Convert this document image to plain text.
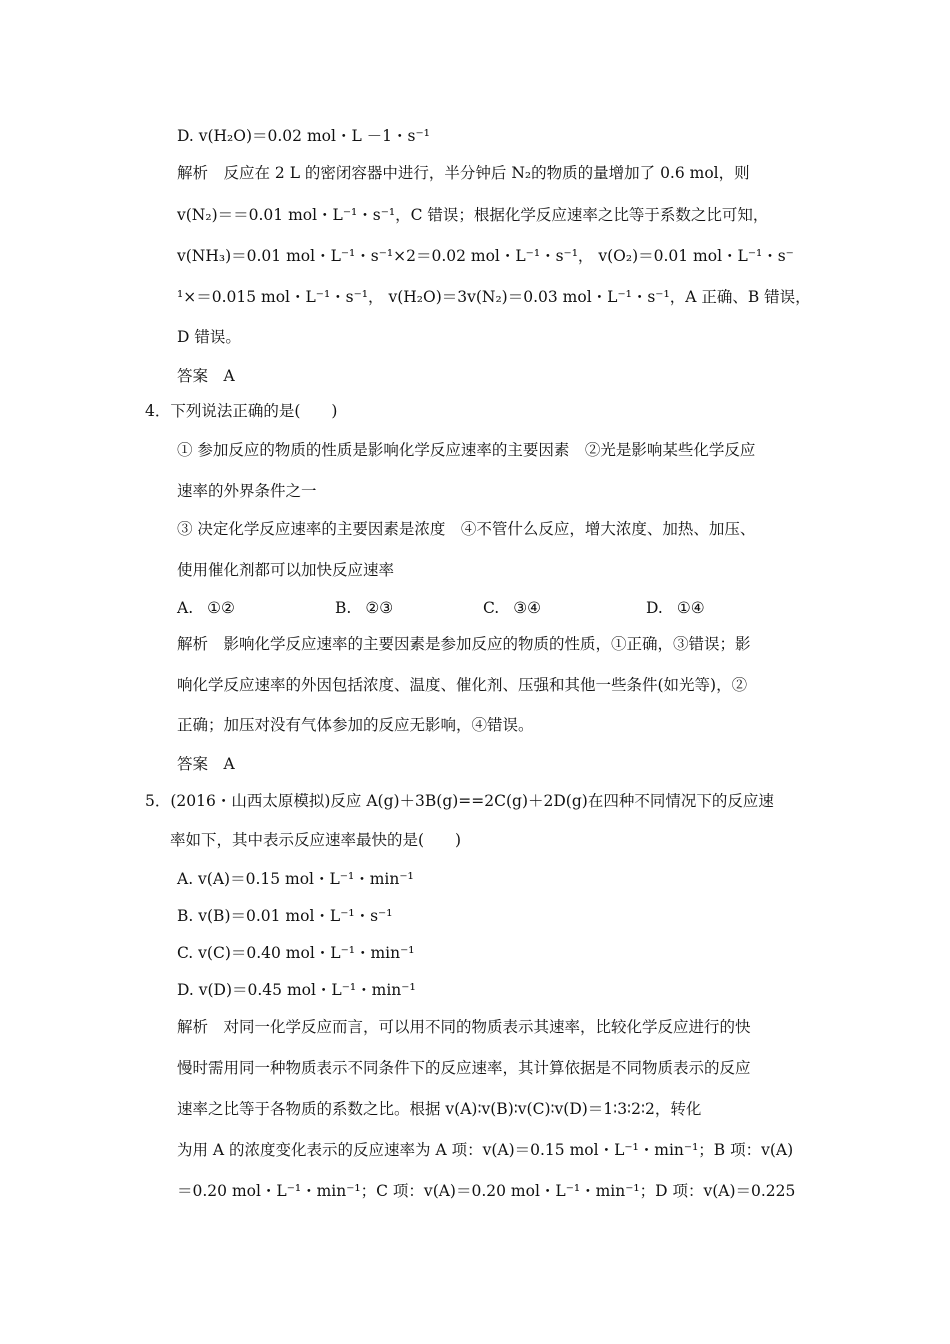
D. v(H₂O)＝0.02 mol・L －1・s⁻¹
解析　反应在 2 L 的密闭容器中进行，半分钟后 N₂的物质的量增加了 0.6 mol，则
v(N₂)＝＝0.01 mol・L⁻¹・s⁻¹，C 错误；根据化学反应速率之比等于系数之比可知，
v(NH₃)＝0.01 mol・L⁻¹・s⁻¹×2＝0.02 mol・L⁻¹・s⁻¹， v(O₂)＝0.01 mol・L⁻¹・s⁻
¹×＝0.015 mol・L⁻¹・s⁻¹， v(H₂O)＝3v(N₂)＝0.03 mol・L⁻¹・s⁻¹，A 正确、B 错误，
D 错误。
答案　A
4．下列说法正确的是(　　)
① 参加反应的物质的性质是影响化学反应速率的主要因素　②光是影响某些化学反应
速率的外界条件之一
③ 决定化学反应速率的主要因素是浓度　④不管什么反应，增大浓度、加热、加压、
使用催化剂都可以加快反应速率
A. ①②	B. ②③	C. ③④	D. ①④
解析　影响化学反应速率的主要因素是参加反应的物质的性质，①正确，③错误；影
响化学反应速率的外因包括浓度、温度、催化剂、压强和其他一些条件(如光等)，②
正确；加压对没有气体参加的反应无影响，④错误。
答案　A
5．(2016・山西太原模拟)反应 A(g)＋3B(g)==2C(g)＋2D(g)在四种不同情况下的反应速
率如下，其中表示反应速率最快的是(　　)
A. v(A)＝0.15 mol・L⁻¹・min⁻¹
B. v(B)＝0.01 mol・L⁻¹・s⁻¹
C. v(C)＝0.40 mol・L⁻¹・min⁻¹
D. v(D)＝0.45 mol・L⁻¹・min⁻¹
解析　对同一化学反应而言，可以用不同的物质表示其速率，比较化学反应进行的快
慢时需用同一种物质表示不同条件下的反应速率，其计算依据是不同物质表示的反应
速率之比等于各物质的系数之比。根据 v(A)∶v(B)∶v(C)∶v(D)＝1∶3∶2∶2，转化
为用 A 的浓度变化表示的反应速率为 A 项：v(A)＝0.15 mol・L⁻¹・min⁻¹；B 项：v(A)
＝0.20 mol・L⁻¹・min⁻¹；C 项：v(A)＝0.20 mol・L⁻¹・min⁻¹；D 项：v(A)＝0.225
